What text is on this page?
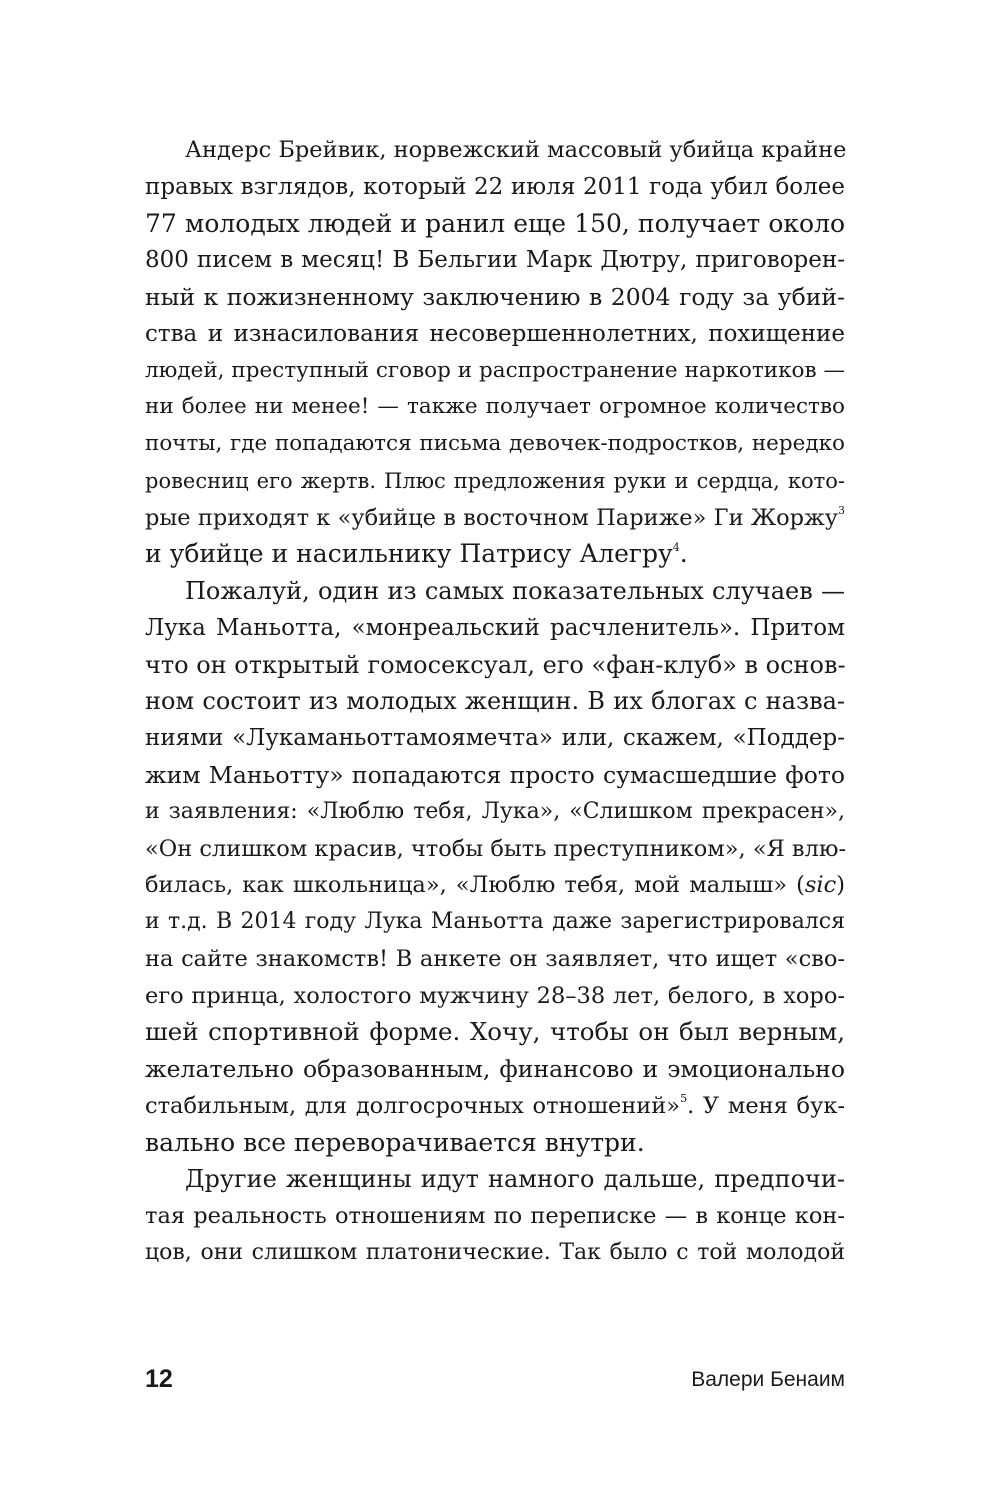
Андерс Брейвик, норвежский массовый убийца крайне
правых взглядов, который 22 июля 2011 года убил более
77 молодых людей и ранил еще 150, получает около
800 писем в месяц! В Бельгии Марк Дютру, приговорен-
ный к пожизненному заключению в 2004 году за убий-
ства и изнасилования несовершеннолетних, похищение
людей, преступный сговор и распространение наркотиков —
ни более ни менее! — также получает огромное количество
почты, где попадаются письма девочек-подростков, нередко
ровесниц его жертв. Плюс предложения руки и сердца, кото-
рые приходят к «убийце в восточном Париже» Ги Жоржу$^3$
и убийце и насильнику Патрису Алегру$^4$.
Пожалуй, один из самых показательных случаев —
Лука Маньотта, «монреальский расчленитель». Притом
что он открытый гомосексуал, его «фан-клуб» в основ-
ном состоит из молодых женщин. В их блогах с назва-
ниями «Лукаманьоттамоямечта» или, скажем, «Поддер-
жим Маньотту» попадаются просто сумасшедшие фото
и заявления: «Люблю тебя, Лука», «Слишком прекрасен»,
«Он слишком красив, чтобы быть преступником», «Я влю-
билась, как школьница», «Люблю тебя, мой малыш» (sic)
и т.д. В 2014 году Лука Маньотта даже зарегистрировался
на сайте знакомств! В анкете он заявляет, что ищет «сво-
его принца, холостого мужчину 28–38 лет, белого, в хоро-
шей спортивной форме. Хочу, чтобы он был верным,
желательно образованным, финансово и эмоционально
стабильным, для долгосрочных отношений»$^5$. У меня бук-
вально все переворачивается внутри.
Другие женщины идут намного дальше, предпочи-
тая реальность отношениям по переписке — в конце кон-
цов, они слишком платонические. Так было с той молодой
12	Валери Бенаим
